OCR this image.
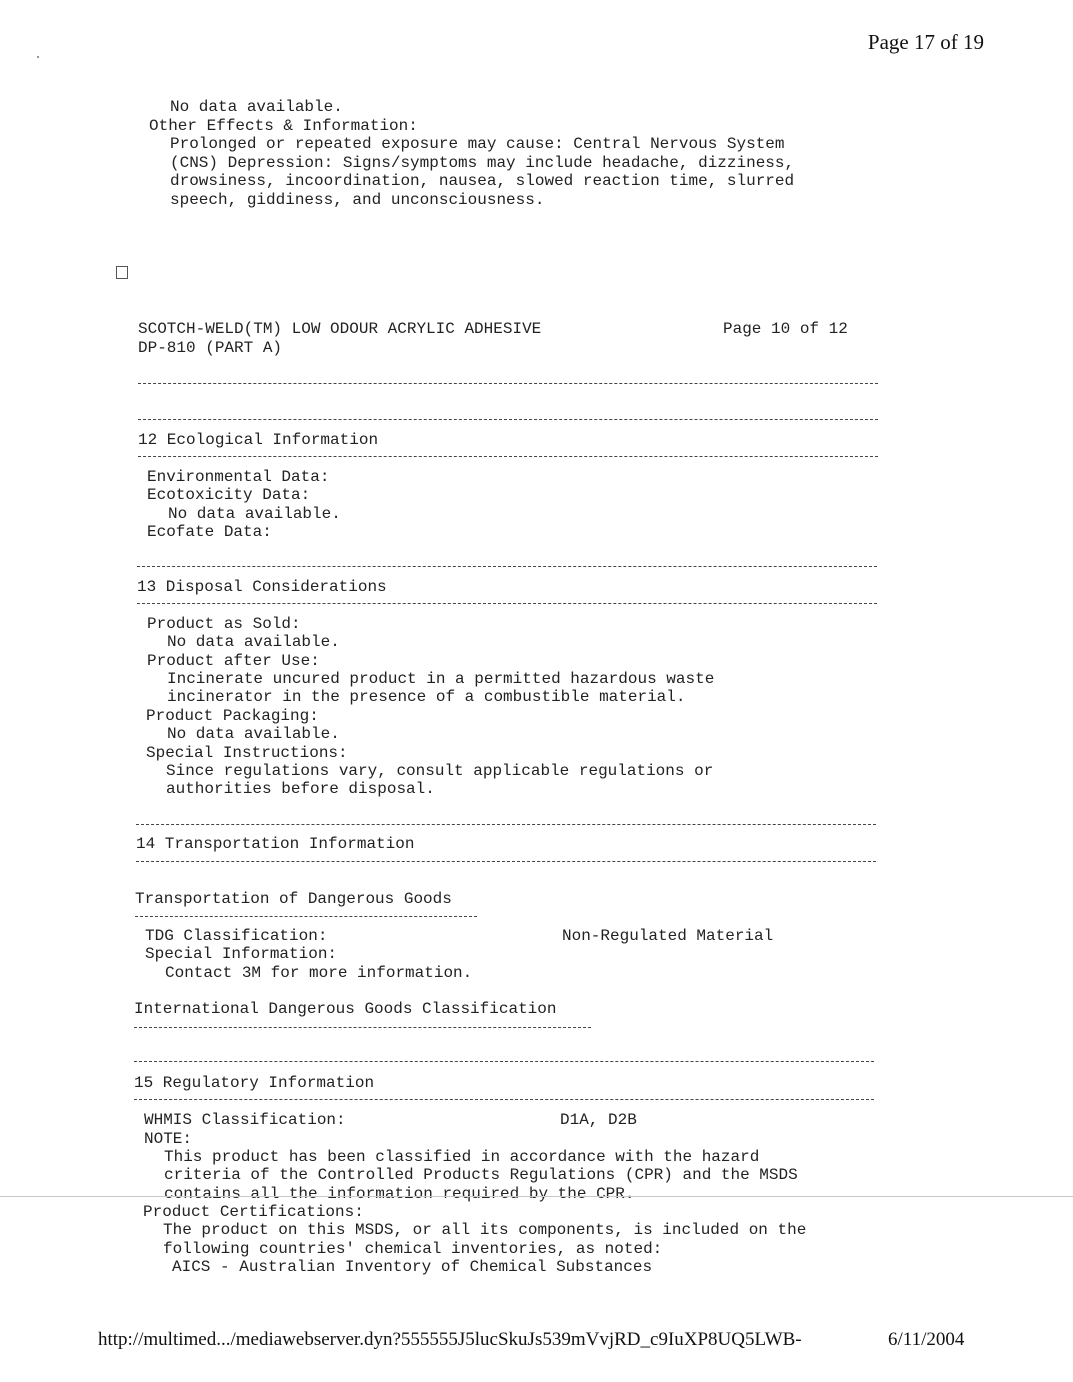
Page 17 of 19
No data available.
Other Effects & Information:
Prolonged or repeated exposure may cause: Central Nervous System
(CNS) Depression: Signs/symptoms may include headache, dizziness,
drowsiness, incoordination, nausea, slowed reaction time, slurred
speech, giddiness, and unconsciousness.
SCOTCH-WELD(TM) LOW ODOUR ACRYLIC ADHESIVE
DP-810 (PART A)
Page 10 of 12
12 Ecological Information
Environmental Data:
Ecotoxicity Data:
No data available.
Ecofate Data:
13 Disposal Considerations
Product as Sold:
No data available.
Product after Use:
Incinerate uncured product in a permitted hazardous waste
incinerator in the presence of a combustible material.
Product Packaging:
No data available.
Special Instructions:
Since regulations vary, consult applicable regulations or
authorities before disposal.
14 Transportation Information
Transportation of Dangerous Goods
TDG Classification:	Non-Regulated Material
Special Information:
Contact 3M for more information.
International Dangerous Goods Classification
15 Regulatory Information
WHMIS Classification:	D1A, D2B
NOTE:
This product has been classified in accordance with the hazard
criteria of the Controlled Products Regulations (CPR) and the MSDS
contains all the information required by the CPR.
Product Certifications:
The product on this MSDS, or all its components, is included on the
following countries' chemical inventories, as noted:
AICS - Australian Inventory of Chemical Substances
http://multimed.../mediawebserver.dyn?555555J5lucSkuJs539mVvjRD_c9IuXP8UQ5LWB-	6/11/2004
